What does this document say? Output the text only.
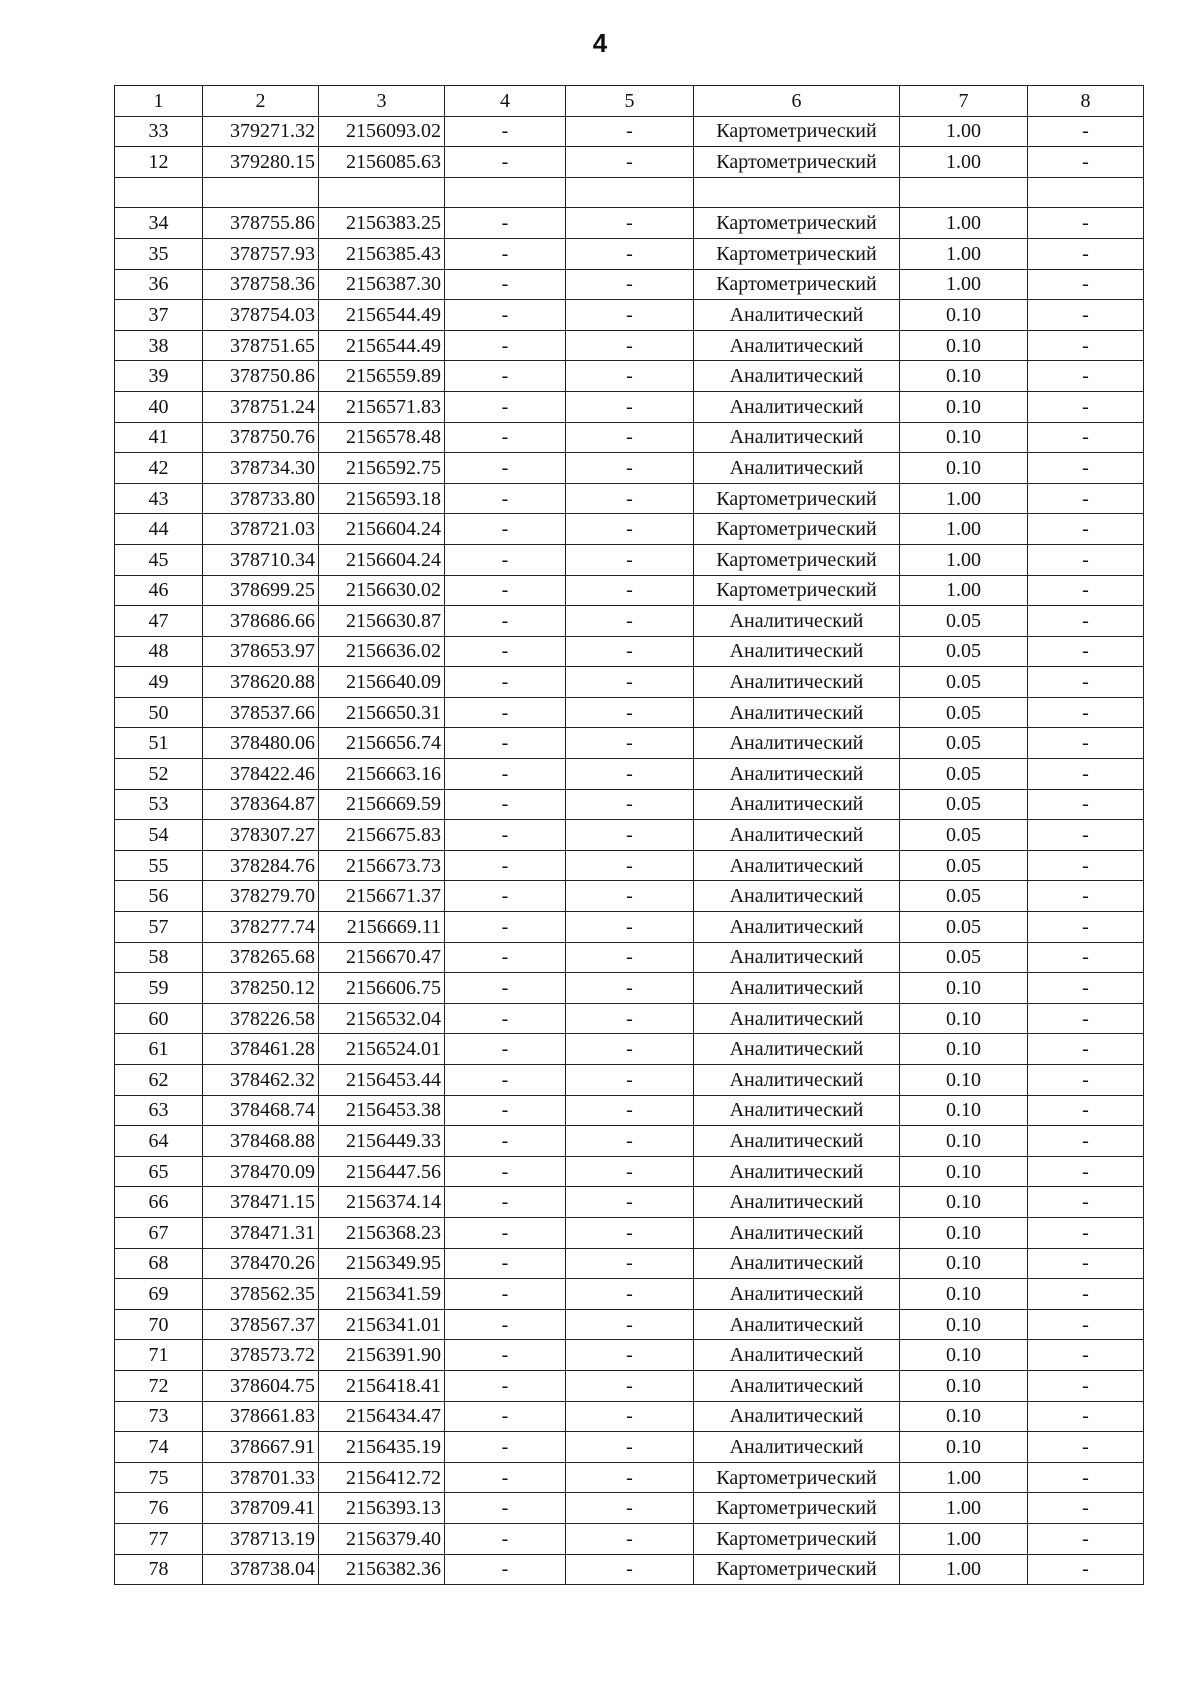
4
1	2	3	4	5	6	7	8
33	379271.32	2156093.02	-	-	Картометрический	1.00	-
12	379280.15	2156085.63	-	-	Картометрический	1.00	-

34	378755.86	2156383.25	-	-	Картометрический	1.00	-
35	378757.93	2156385.43	-	-	Картометрический	1.00	-
36	378758.36	2156387.30	-	-	Картометрический	1.00	-
37	378754.03	2156544.49	-	-	Аналитический	0.10	-
38	378751.65	2156544.49	-	-	Аналитический	0.10	-
39	378750.86	2156559.89	-	-	Аналитический	0.10	-
40	378751.24	2156571.83	-	-	Аналитический	0.10	-
41	378750.76	2156578.48	-	-	Аналитический	0.10	-
42	378734.30	2156592.75	-	-	Аналитический	0.10	-
43	378733.80	2156593.18	-	-	Картометрический	1.00	-
44	378721.03	2156604.24	-	-	Картометрический	1.00	-
45	378710.34	2156604.24	-	-	Картометрический	1.00	-
46	378699.25	2156630.02	-	-	Картометрический	1.00	-
47	378686.66	2156630.87	-	-	Аналитический	0.05	-
48	378653.97	2156636.02	-	-	Аналитический	0.05	-
49	378620.88	2156640.09	-	-	Аналитический	0.05	-
50	378537.66	2156650.31	-	-	Аналитический	0.05	-
51	378480.06	2156656.74	-	-	Аналитический	0.05	-
52	378422.46	2156663.16	-	-	Аналитический	0.05	-
53	378364.87	2156669.59	-	-	Аналитический	0.05	-
54	378307.27	2156675.83	-	-	Аналитический	0.05	-
55	378284.76	2156673.73	-	-	Аналитический	0.05	-
56	378279.70	2156671.37	-	-	Аналитический	0.05	-
57	378277.74	2156669.11	-	-	Аналитический	0.05	-
58	378265.68	2156670.47	-	-	Аналитический	0.05	-
59	378250.12	2156606.75	-	-	Аналитический	0.10	-
60	378226.58	2156532.04	-	-	Аналитический	0.10	-
61	378461.28	2156524.01	-	-	Аналитический	0.10	-
62	378462.32	2156453.44	-	-	Аналитический	0.10	-
63	378468.74	2156453.38	-	-	Аналитический	0.10	-
64	378468.88	2156449.33	-	-	Аналитический	0.10	-
65	378470.09	2156447.56	-	-	Аналитический	0.10	-
66	378471.15	2156374.14	-	-	Аналитический	0.10	-
67	378471.31	2156368.23	-	-	Аналитический	0.10	-
68	378470.26	2156349.95	-	-	Аналитический	0.10	-
69	378562.35	2156341.59	-	-	Аналитический	0.10	-
70	378567.37	2156341.01	-	-	Аналитический	0.10	-
71	378573.72	2156391.90	-	-	Аналитический	0.10	-
72	378604.75	2156418.41	-	-	Аналитический	0.10	-
73	378661.83	2156434.47	-	-	Аналитический	0.10	-
74	378667.91	2156435.19	-	-	Аналитический	0.10	-
75	378701.33	2156412.72	-	-	Картометрический	1.00	-
76	378709.41	2156393.13	-	-	Картометрический	1.00	-
77	378713.19	2156379.40	-	-	Картометрический	1.00	-
78	378738.04	2156382.36	-	-	Картометрический	1.00	-
